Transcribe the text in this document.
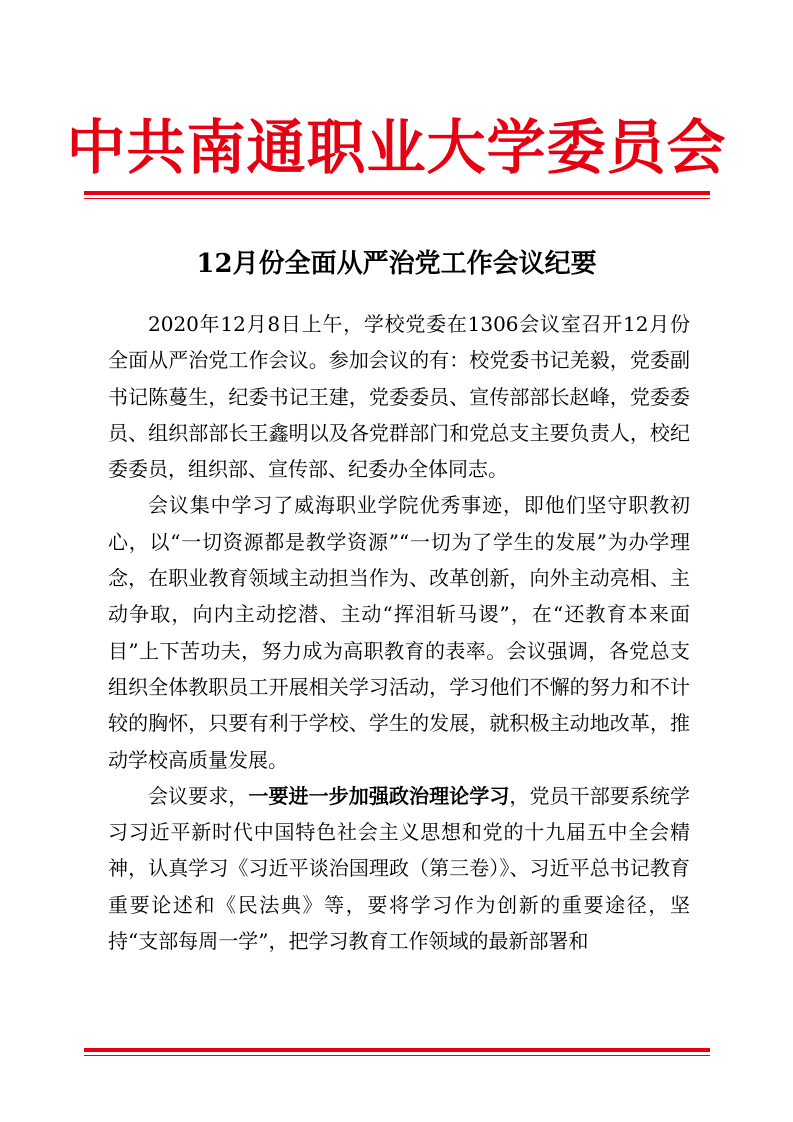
中共南通职业大学委员会
12月份全面从严治党工作会议纪要

2020年12月8日上午，学校党委在1306会议室召开12月份全面从严治党工作会议。参加会议的有：校党委书记羌毅，党委副书记陈蔓生，纪委书记王建，党委委员、宣传部部长赵峰，党委委员、组织部部长王鑫明以及各党群部门和党总支主要负责人，校纪委委员，组织部、宣传部、纪委办全体同志。

会议集中学习了威海职业学院优秀事迹，即他们坚守职教初心，以“一切资源都是教学资源”“一切为了学生的发展”为办学理念，在职业教育领域主动担当作为、改革创新，向外主动亮相、主动争取，向内主动挖潜、主动“挥泪斩马谡”，在“还教育本来面目”上下苦功夫，努力成为高职教育的表率。会议强调，各党总支组织全体教职员工开展相关学习活动，学习他们不懈的努力和不计较的胸怀，只要有利于学校、学生的发展，就积极主动地改革，推动学校高质量发展。

会议要求，一要进一步加强政治理论学习，党员干部要系统学习习近平新时代中国特色社会主义思想和党的十九届五中全会精神，认真学习《习近平谈治国理政（第三卷）》、习近平总书记教育重要论述和《民法典》等，要将学习作为创新的重要途径，坚持“支部每周一学”，把学习教育工作领域的最新部署和
